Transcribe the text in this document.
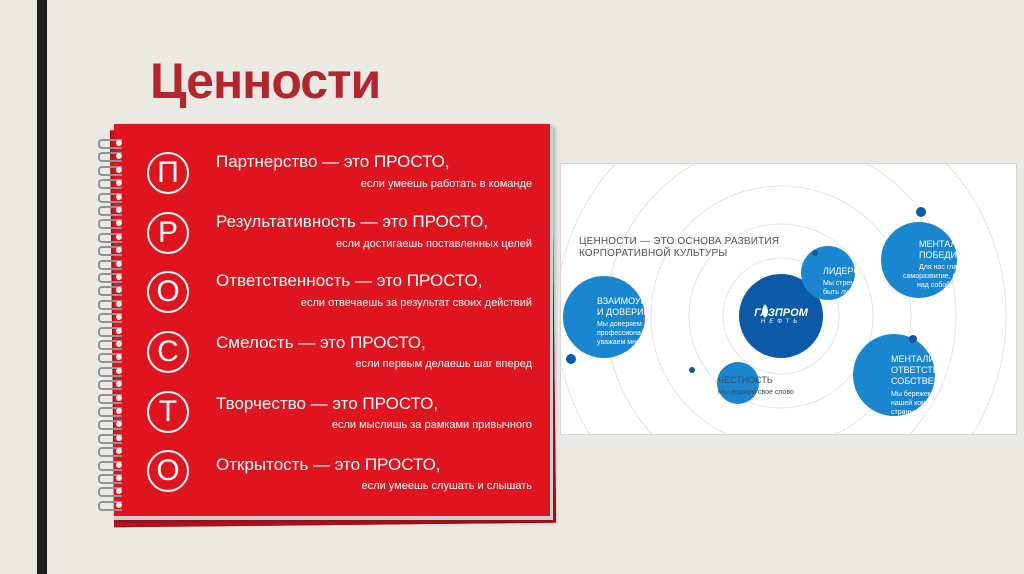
Ценности
П	Партнерство — это ПРОСТО,
если умеешь работать в команде
Р	Результативность — это ПРОСТО,
если достигаешь поставленных целей
О	Ответственность — это ПРОСТО,
если отвечаешь за результат своих действий
С	Смелость — это ПРОСТО,
если первым делаешь шаг вперед
Т	Творчество — это ПРОСТО,
если мыслишь за рамками привычного
О	Открытость — это ПРОСТО,
если умеешь слушать и слышать
ЦЕННОСТИ — ЭТО ОСНОВА РАЗВИТИЯ
КОРПОРАТИВНОЙ КУЛЬТУРЫ
ГАЗПРОМ
НЕФТЬ
ВЗАИМОУВАЖЕНИЕ
И ДОВЕРИЕ
Мы доверяем
профессионализму,
уважаем мнение коллег
ЛИДЕРСТВО
Мы стремимся
быть лучшими
МЕНТАЛИТЕТ
ПОБЕДИТЕЛЯ
Для нас главное —
саморазвитие, победа
над собой
ЧЕСТНОСТЬ
Мы держим свое слово
МЕНТАЛИТЕТ
ОТВЕТСТВЕННОГО
СОБСТВЕННИКА
Мы бережем ресурсы
нашей компании,
страны и планеты
